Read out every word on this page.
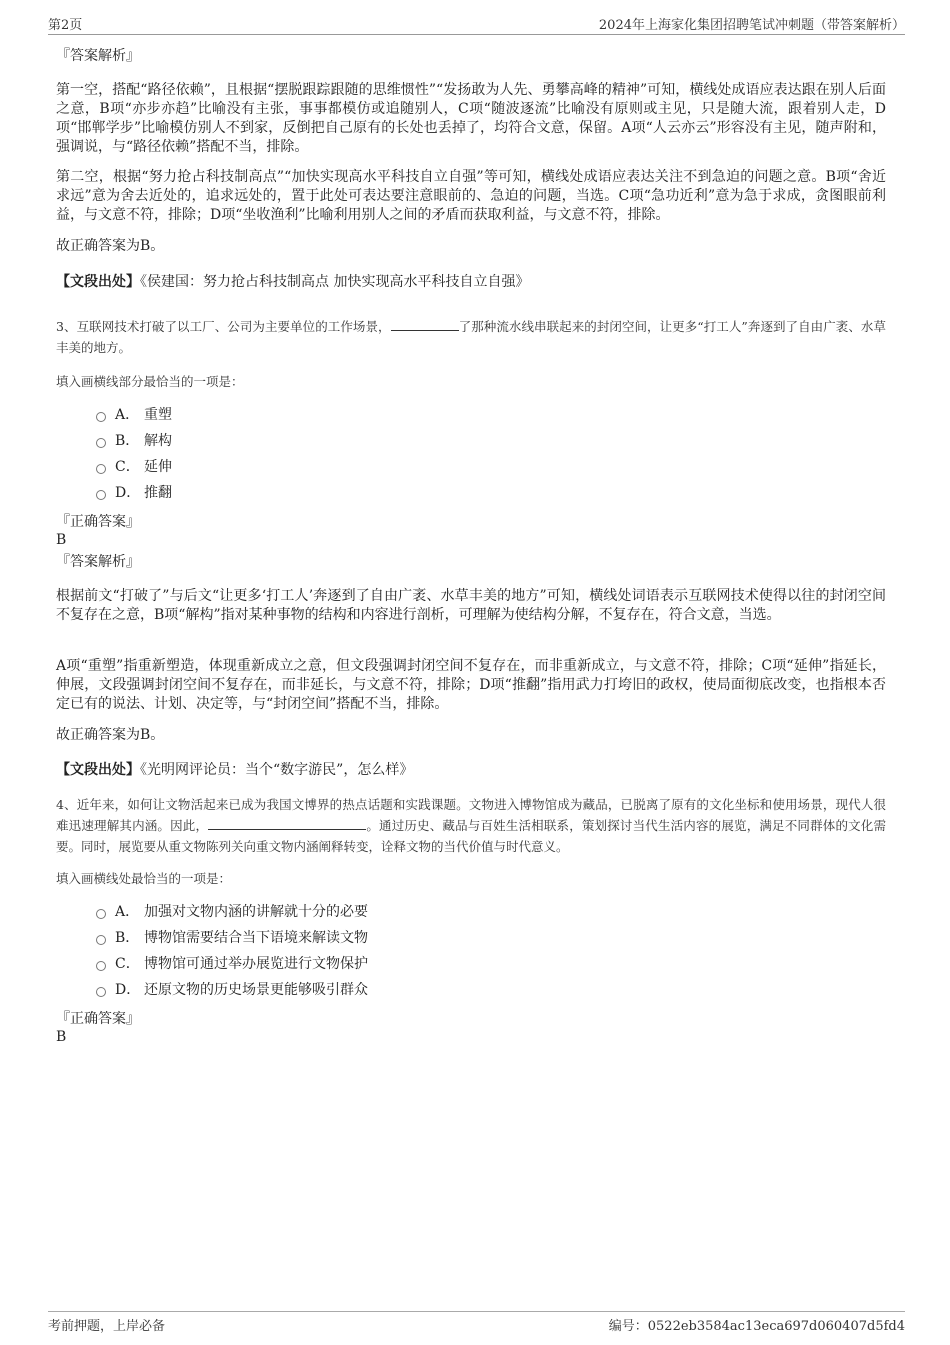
第2页	2024年上海家化集团招聘笔试冲刺题（带答案解析）

『答案解析』

第一空，搭配“路径依赖”，且根据“摆脱跟踪跟随的思维惯性”“发扬敢为人先、勇攀高峰的精神”可知，横线处成语应表达跟在别人后面之意，B项“亦步亦趋”比喻没有主张，事事都模仿或追随别人，C项“随波逐流”比喻没有原则或主见，只是随大流，跟着别人走，D项“邯郸学步”比喻模仿别人不到家，反倒把自己原有的长处也丢掉了，均符合文意，保留。A项“人云亦云”形容没有主见，随声附和，强调说，与“路径依赖”搭配不当，排除。

第二空，根据“努力抢占科技制高点”“加快实现高水平科技自立自强”等可知，横线处成语应表达关注不到急迫的问题之意。B项“舍近求远”意为舍去近处的，追求远处的，置于此处可表达要注意眼前的、急迫的问题，当选。C项“急功近利”意为急于求成，贪图眼前利益，与文意不符，排除；D项“坐收渔利”比喻利用别人之间的矛盾而获取利益，与文意不符，排除。

故正确答案为B。

【文段出处】《侯建国：努力抢占科技制高点 加快实现高水平科技自立自强》

3、互联网技术打破了以工厂、公司为主要单位的工作场景，	了那种流水线串联起来的封闭空间，让更多“打工人”奔逐到了自由广袤、水草丰美的地方。

填入画横线部分最恰当的一项是：

A． 重塑
B． 解构
C． 延伸
D． 推翻

『正确答案』

B

『答案解析』

根据前文“打破了”与后文“让更多‘打工人’奔逐到了自由广袤、水草丰美的地方”可知，横线处词语表示互联网技术使得以往的封闭空间不复存在之意，B项“解构”指对某种事物的结构和内容进行剖析，可理解为使结构分解，不复存在，符合文意，当选。

A项“重塑”指重新塑造，体现重新成立之意，但文段强调封闭空间不复存在，而非重新成立，与文意不符，排除；C项“延伸”指延长，伸展，文段强调封闭空间不复存在，而非延长，与文意不符，排除；D项“推翻”指用武力打垮旧的政权，使局面彻底改变，也指根本否定已有的说法、计划、决定等，与“封闭空间”搭配不当，排除。

故正确答案为B。

【文段出处】《光明网评论员：当个“数字游民”，怎么样》

4、近年来，如何让文物活起来已成为我国文博界的热点话题和实践课题。文物进入博物馆成为藏品，已脱离了原有的文化坐标和使用场景，现代人很难迅速理解其内涵。因此，	。通过历史、藏品与百姓生活相联系，策划探讨当代生活内容的展览，满足不同群体的文化需要。同时，展览要从重文物陈列关向重文物内涵阐释转变，诠释文物的当代价值与时代意义。

填入画横线处最恰当的一项是：

A． 加强对文物内涵的讲解就十分的必要
B． 博物馆需要结合当下语境来解读文物
C． 博物馆可通过举办展览进行文物保护
D． 还原文物的历史场景更能够吸引群众

『正确答案』

B

考前押题，上岸必备	编号：0522eb3584ac13eca697d060407d5fd4
